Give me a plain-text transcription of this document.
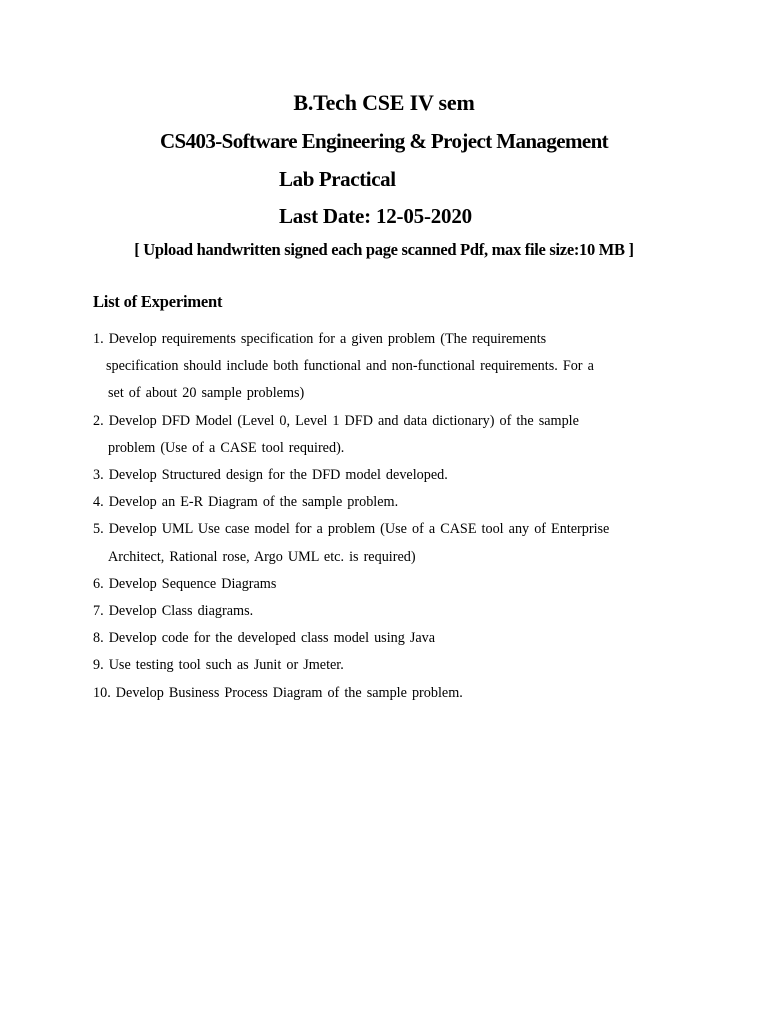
B.Tech CSE IV sem
CS403-Software Engineering & Project Management
Lab Practical
Last Date: 12-05-2020

[ Upload handwritten signed each page scanned Pdf, max file size:10 MB ]

List of Experiment
1. Develop requirements specification for a given problem (The requirements
specification should include both functional and non-functional requirements. For a
set of about 20 sample problems)
2. Develop DFD Model (Level 0, Level 1 DFD and data dictionary) of the sample
problem (Use of a CASE tool required).
3. Develop Structured design for the DFD model developed.
4. Develop an E-R Diagram of the sample problem.
5. Develop UML Use case model for a problem (Use of a CASE tool any of Enterprise
Architect, Rational rose, Argo UML etc. is required)
6. Develop Sequence Diagrams
7. Develop Class diagrams.
8. Develop code for the developed class model using Java
9. Use testing tool such as Junit or Jmeter.
10. Develop Business Process Diagram of the sample problem.
